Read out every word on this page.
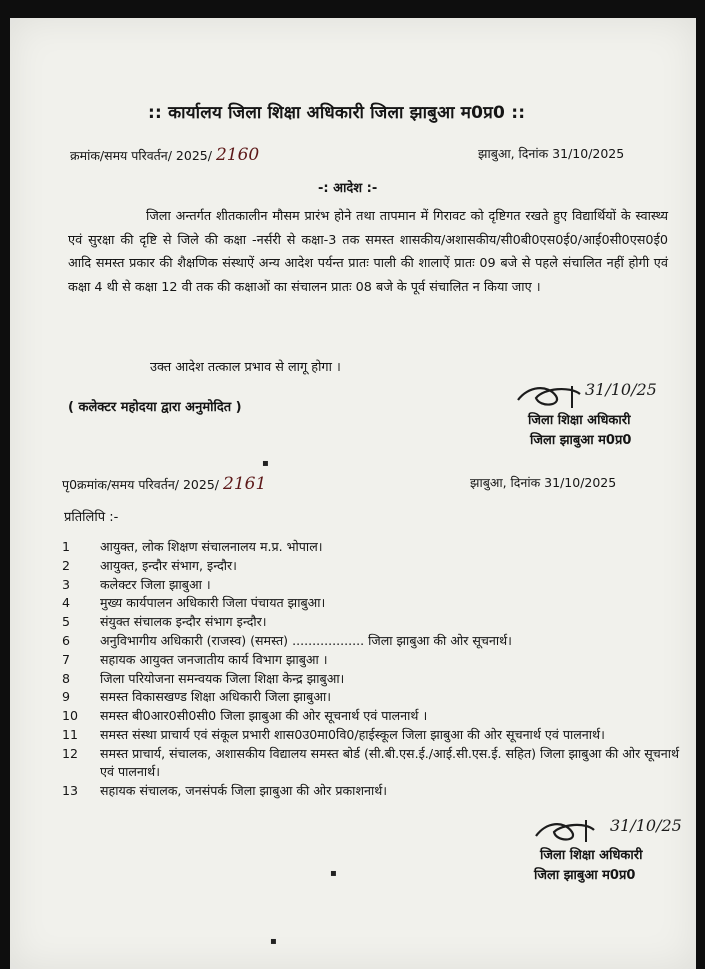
:: कार्यालय जिला शिक्षा अधिकारी जिला झाबुआ म0प्र0 ::
क्रमांक/समय परिवर्तन/ 2025/ 2160	झाबुआ, दिनांक 31/10/2025
-: आदेश :-
जिला अन्तर्गत शीतकालीन मौसम प्रारंभ होने तथा तापमान में गिरावट को दृष्टिगत रखते हुए विद्यार्थियों के स्वास्थ्य एवं सुरक्षा की दृष्टि से जिले की कक्षा -नर्सरी से कक्षा-3 तक समस्त शासकीय/अशासकीय/सी0बी0एस0ई0/आई0सी0एस0ई0 आदि समस्त प्रकार की शैक्षणिक संस्थाऐं अन्य आदेश पर्यन्त प्रातः पाली की शालाऐं प्रातः 09 बजे से पहले संचालित नहीं होगी एवं कक्षा 4 थी से कक्षा 12 वी तक की कक्षाओं का संचालन प्रातः 08 बजे के पूर्व संचालित न किया जाए ।
उक्त आदेश तत्काल प्रभाव से लागू होगा ।
( कलेक्टर महोदया द्वारा अनुमोदित )
31/10/25
जिला शिक्षा अधिकारी
जिला झाबुआ म0प्र0
पृ0क्रमांक/समय परिवर्तन/ 2025/ 2161	झाबुआ, दिनांक 31/10/2025
प्रतिलिपि :-
1	आयुक्त, लोक शिक्षण संचालनालय म.प्र. भोपाल।
2	आयुक्त, इन्दौर संभाग, इन्दौर।
3	कलेक्टर जिला झाबुआ ।
4	मुख्य कार्यपालन अधिकारी जिला पंचायत झाबुआ।
5	संयुक्त संचालक इन्दौर संभाग इन्दौर।
6	अनुविभागीय अधिकारी (राजस्व) (समस्त) .................. जिला झाबुआ की ओर सूचनार्थ।
7	सहायक आयुक्त जनजातीय कार्य विभाग झाबुआ ।
8	जिला परियोजना समन्वयक जिला शिक्षा केन्द्र झाबुआ।
9	समस्त विकासखण्ड शिक्षा अधिकारी जिला झाबुआ।
10	समस्त बी0आर0सी0सी0 जिला झाबुआ की ओर सूचनार्थ एवं पालनार्थ ।
11	समस्त संस्था प्राचार्य एवं संकूल प्रभारी शास0उ0मा0वि0/हाईस्कूल जिला झाबुआ की ओर सूचनार्थ एवं पालनार्थ।
12	समस्त प्राचार्य, संचालक, अशासकीय विद्यालय समस्त बोर्ड (सी.बी.एस.ई./आई.सी.एस.ई. सहित) जिला झाबुआ की ओर सूचनार्थ एवं पालनार्थ।
13	सहायक संचालक, जनसंपर्क जिला झाबुआ की ओर प्रकाशनार्थ।
31/10/25
जिला शिक्षा अधिकारी
जिला झाबुआ म0प्र0
▪
▪
▪
